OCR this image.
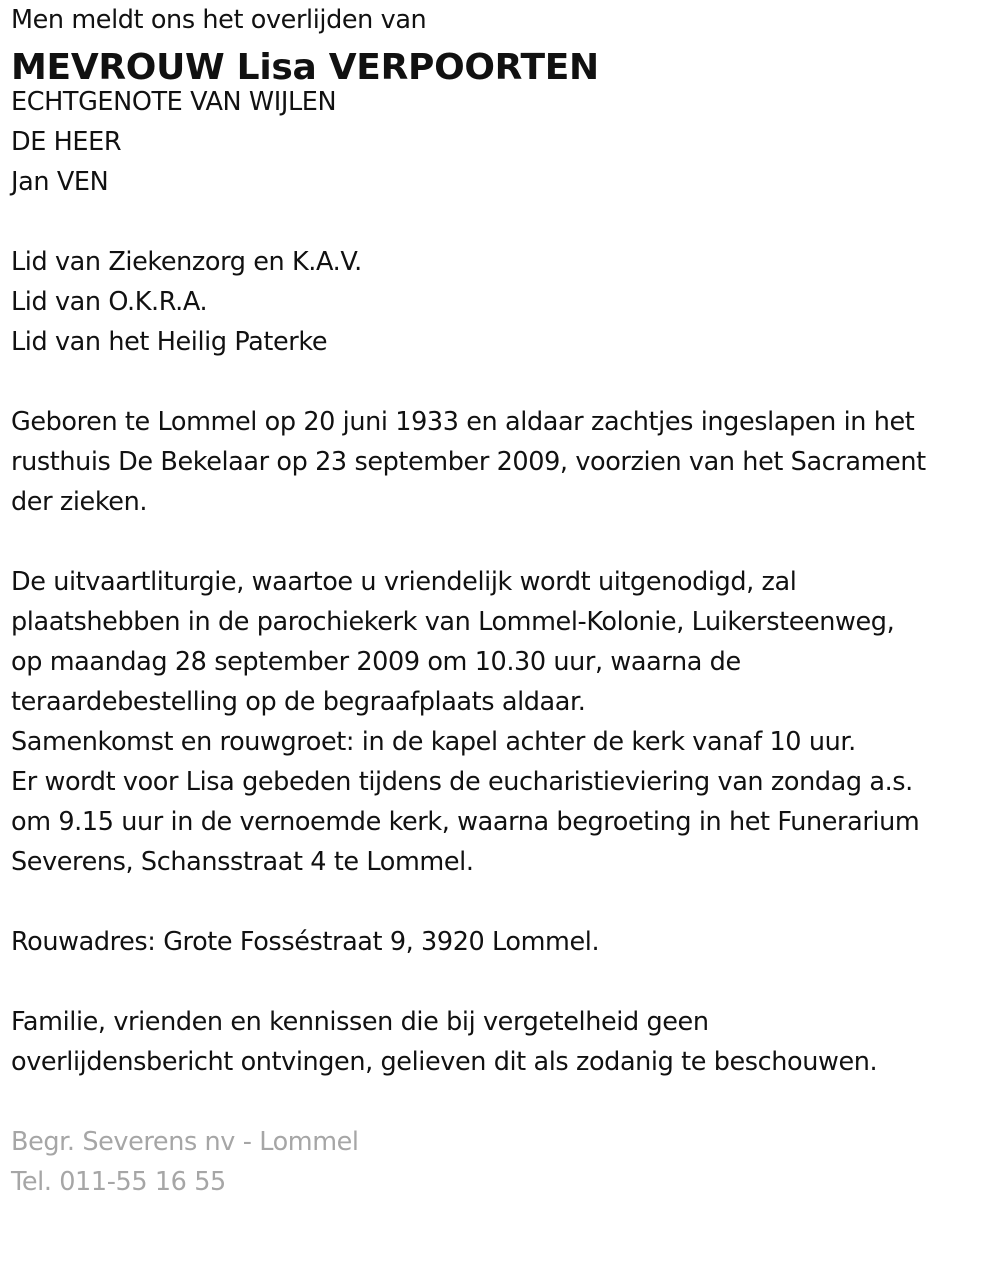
Men meldt ons het overlijden van
MEVROUW Lisa VERPOORTEN
ECHTGENOTE VAN WIJLEN
DE HEER
Jan VEN
Lid van Ziekenzorg en K.A.V.
Lid van O.K.R.A.
Lid van het Heilig Paterke
Geboren te Lommel op 20 juni 1933 en aldaar zachtjes ingeslapen in het
rusthuis De Bekelaar op 23 september 2009, voorzien van het Sacrament
der zieken.
De uitvaartliturgie, waartoe u vriendelijk wordt uitgenodigd, zal
plaatshebben in de parochiekerk van Lommel-Kolonie, Luikersteenweg,
op maandag 28 september 2009 om 10.30 uur, waarna de
teraardebestelling op de begraafplaats aldaar.
Samenkomst en rouwgroet: in de kapel achter de kerk vanaf 10 uur.
Er wordt voor Lisa gebeden tijdens de eucharistieviering van zondag a.s.
om 9.15 uur in de vernoemde kerk, waarna begroeting in het Funerarium
Severens, Schansstraat 4 te Lommel.
Rouwadres: Grote Fosséstraat 9, 3920 Lommel.
Familie, vrienden en kennissen die bij vergetelheid geen
overlijdensbericht ontvingen, gelieven dit als zodanig te beschouwen.
Begr. Severens nv - Lommel
Tel. 011-55 16 55
